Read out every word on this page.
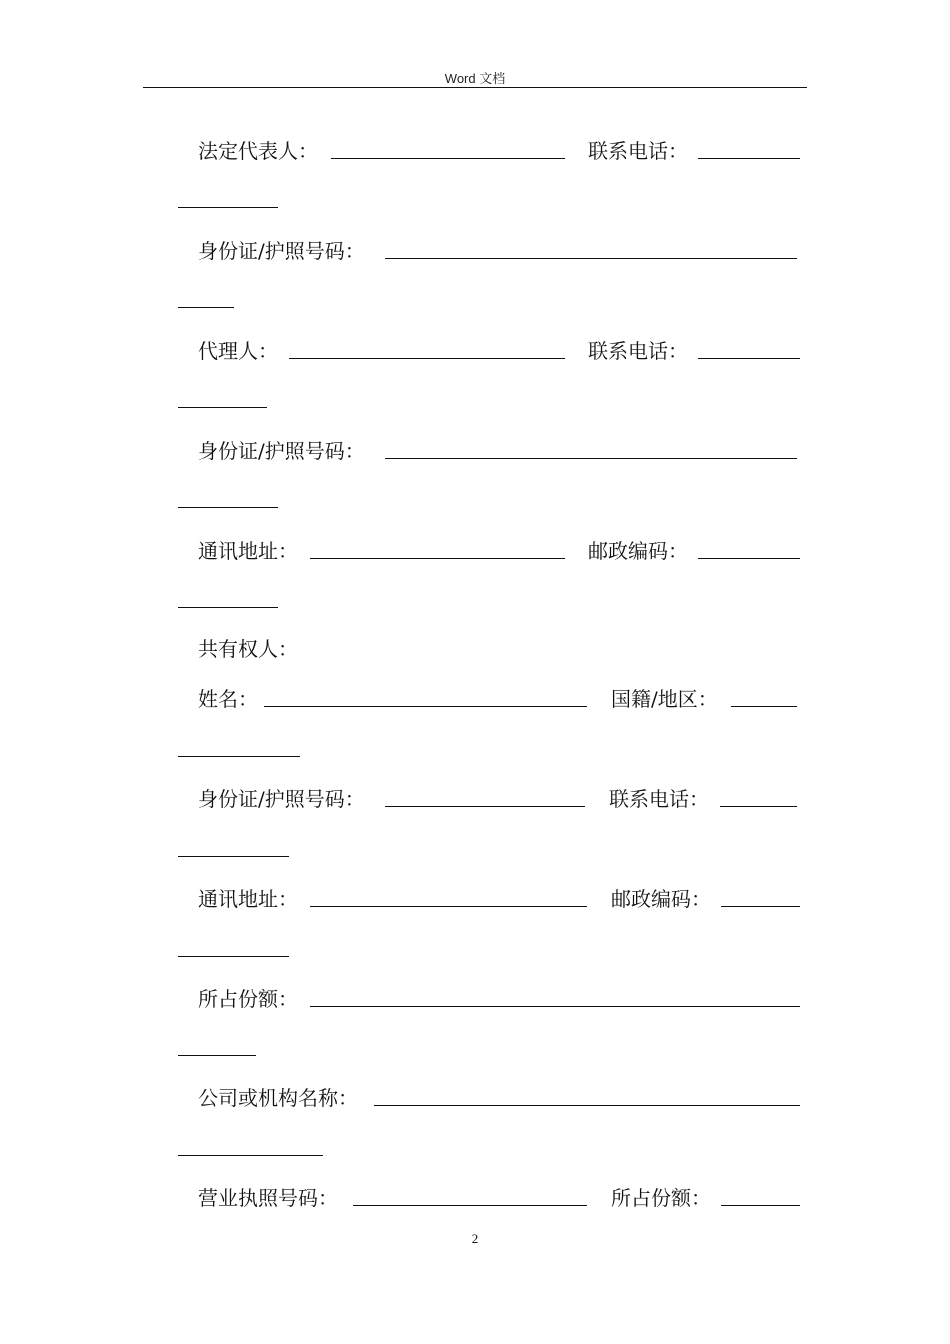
Word 文档
法定代表人：	联系电话：
身份证/护照号码：
代理人：	联系电话：
身份证/护照号码：
通讯地址：	邮政编码：
共有权人：
姓名：	国籍/地区：
身份证/护照号码：	联系电话：
通讯地址：	邮政编码：
所占份额：
公司或机构名称：
营业执照号码：	所占份额：
2
